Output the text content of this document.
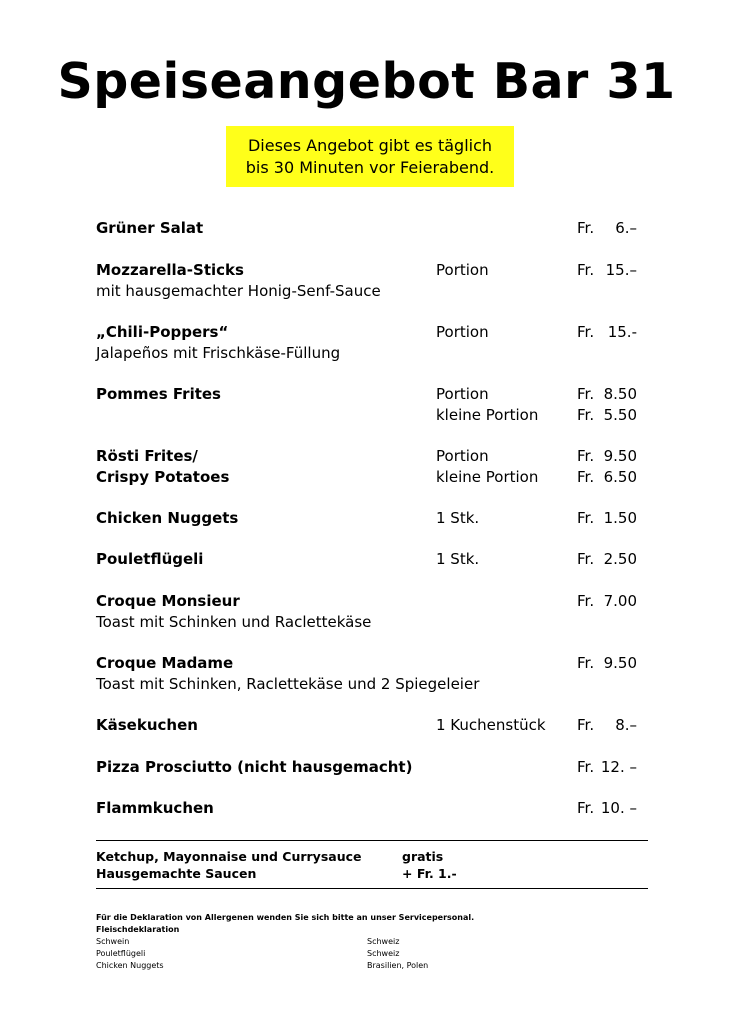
Speiseangebot Bar 31
Dieses Angebot gibt es täglich
bis 30 Minuten vor Feierabend.
Grüner Salat	Fr. 6.–
Mozzarella-Sticks	Portion	Fr. 15.–
mit hausgemachter Honig-Senf-Sauce
„Chili-Poppers“	Portion	Fr. 15.-
Jalapeños mit Frischkäse-Füllung
Pommes Frites	Portion	Fr. 8.50
kleine Portion	Fr. 5.50
Rösti Frites/
Crispy Potatoes
Portion	Fr. 9.50
kleine Portion	Fr. 6.50
Chicken Nuggets	1 Stk.	Fr. 1.50
Pouletflügeli	1 Stk.	Fr. 2.50
Croque Monsieur	Fr. 7.00
Toast mit Schinken und Raclettekäse
Croque Madame	Fr. 9.50
Toast mit Schinken, Raclettekäse und 2 Spiegeleier
Käsekuchen	1 Kuchenstück Fr. 8.–
Pizza Prosciutto (nicht hausgemacht)	Fr. 12. –
Flammkuchen	Fr. 10. –
Ketchup, Mayonnaise und Currysauce	gratis
Hausgemachte Saucen	+ Fr. 1.-
Für die Deklaration von Allergenen wenden Sie sich bitte an unser Servicepersonal.
Fleischdeklaration
Schwein	Schweiz
Pouletflügeli	Schweiz
Chicken Nuggets	Brasilien, Polen
